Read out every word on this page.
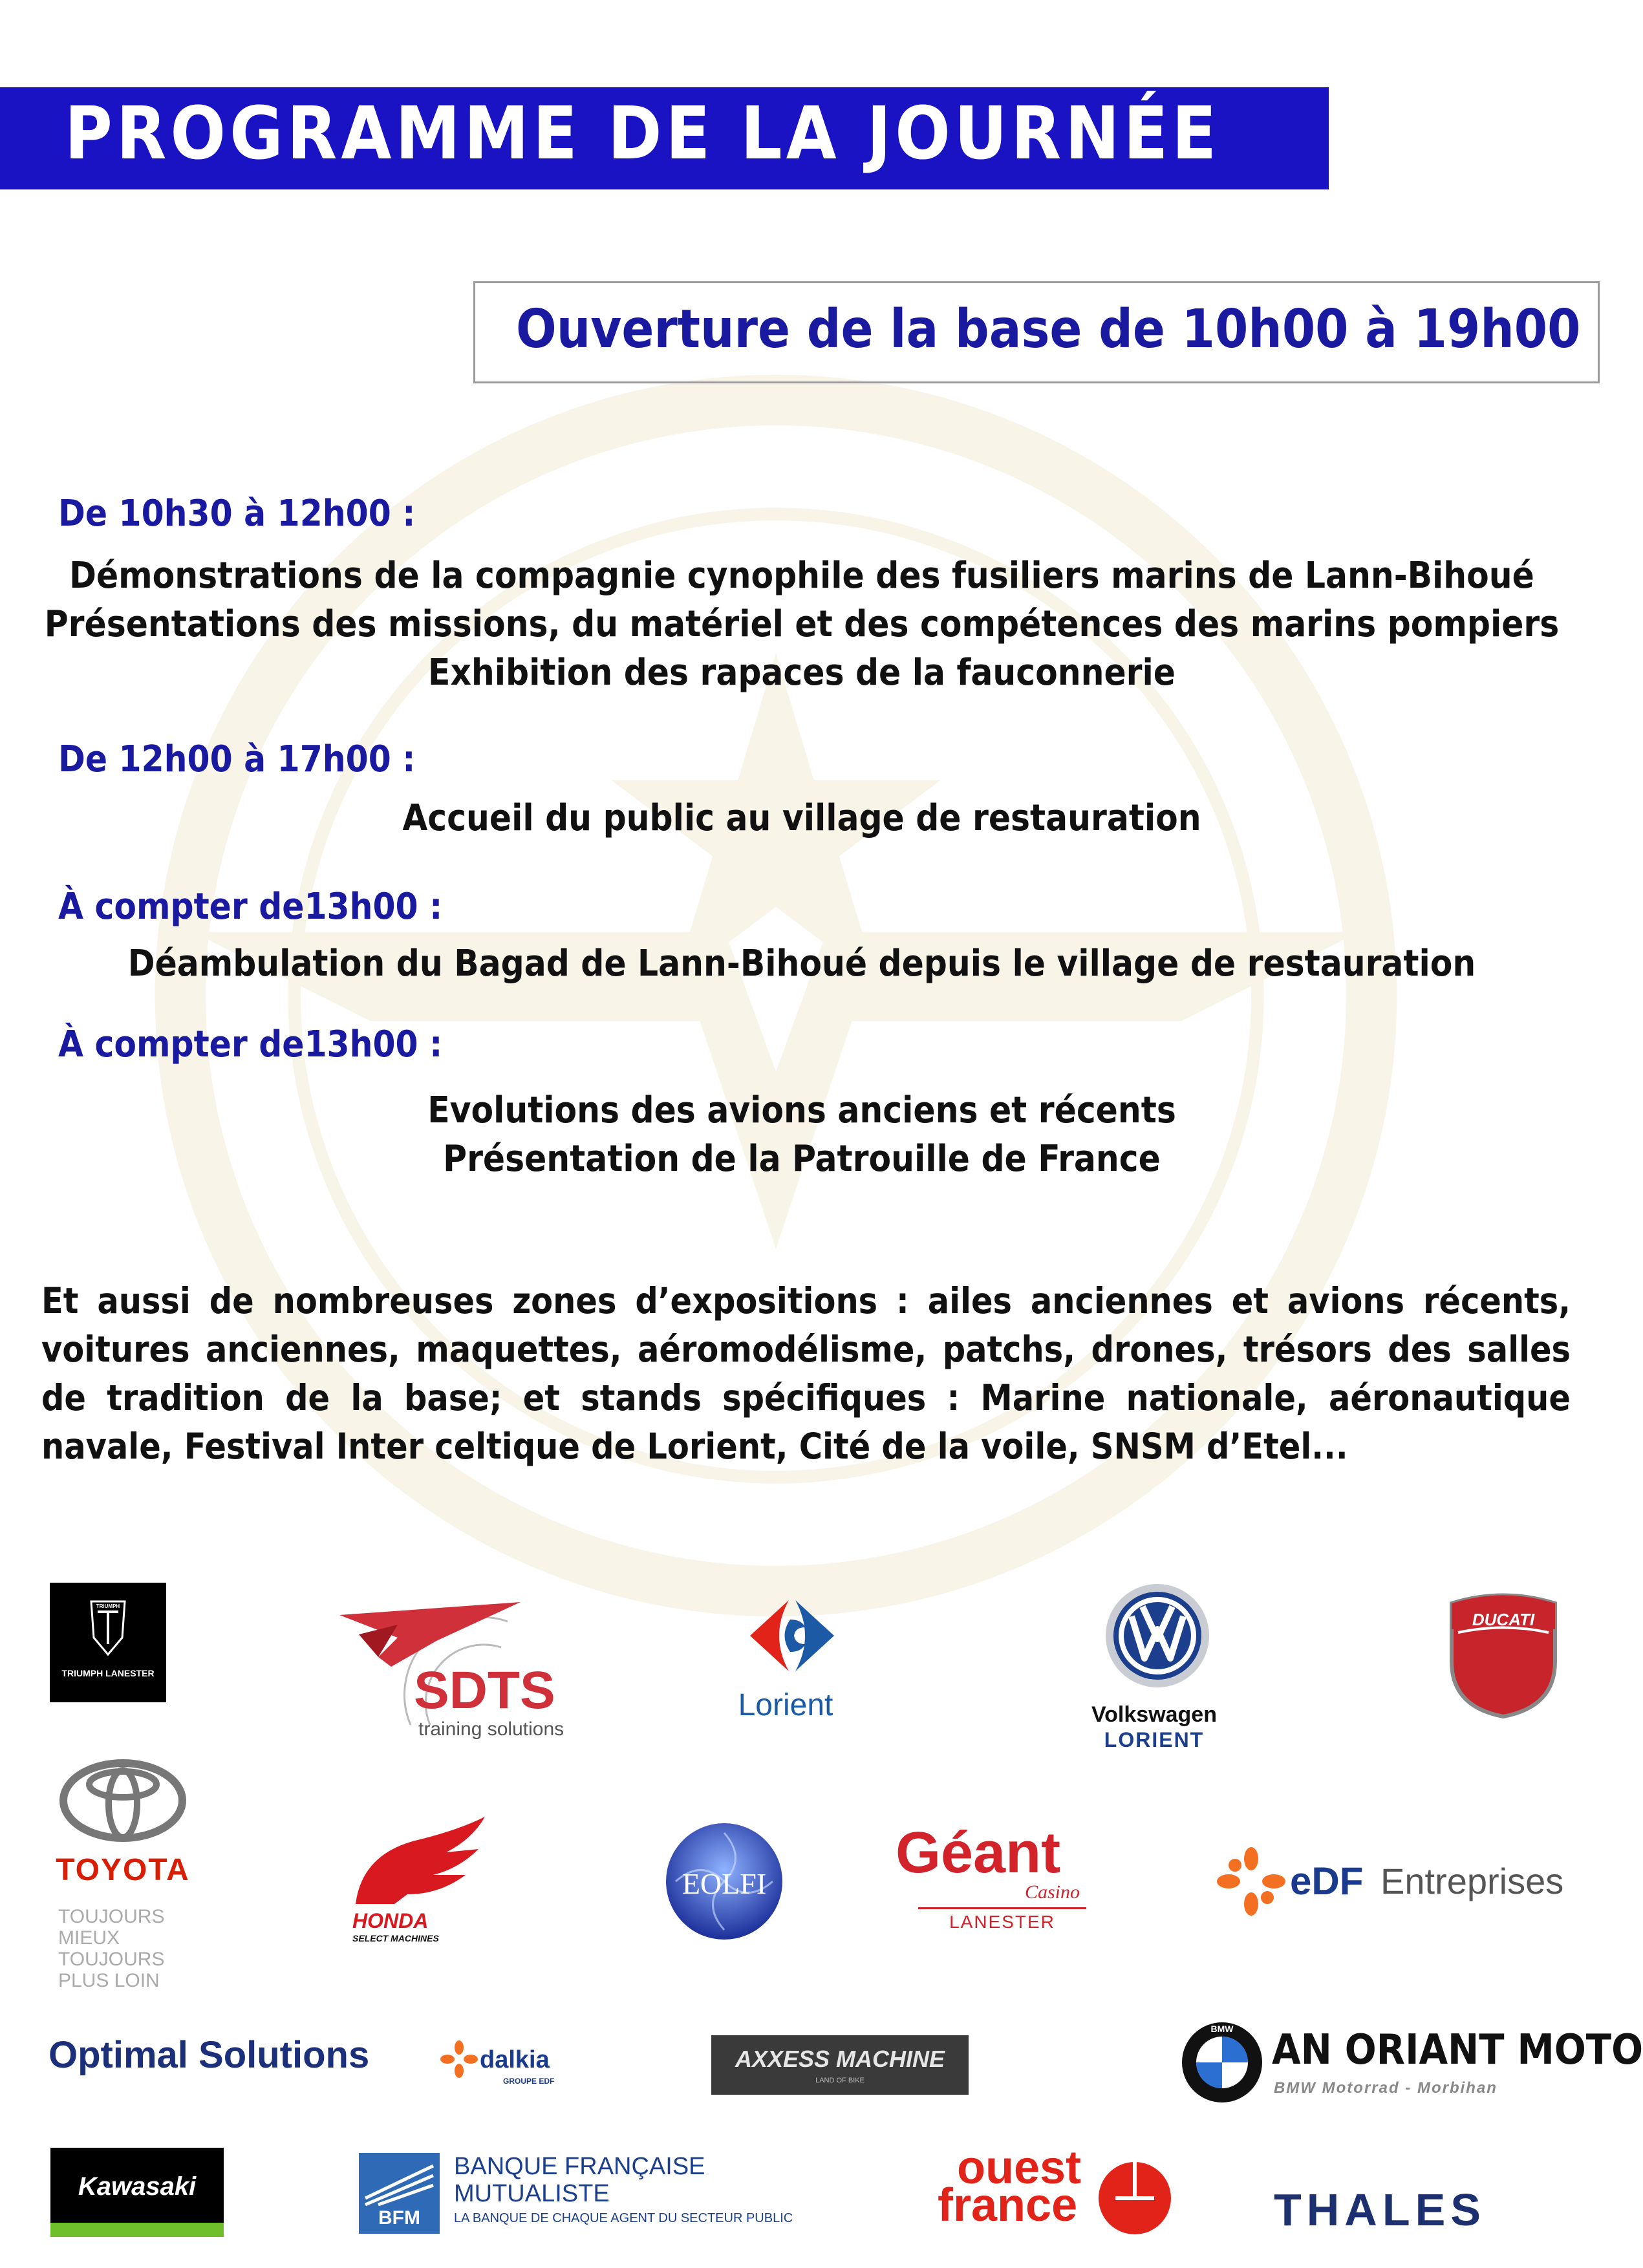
PROGRAMME DE LA JOURNÉE
Ouverture de la base de 10h00 à 19h00
De 10h30 à 12h00 :
Démonstrations de la compagnie cynophile des fusiliers marins de Lann-Bihoué
Présentations des missions, du matériel et des compétences des marins pompiers
Exhibition des rapaces de la fauconnerie
De 12h00 à 17h00 :
Accueil du public au village de restauration
À compter de13h00 :
Déambulation du Bagad de Lann-Bihoué depuis le village de restauration
À compter de13h00 :
Evolutions des avions anciens et récents
Présentation de la Patrouille de France
Et aussi de nombreuses zones d’expositions : ailes anciennes et avions récents, voitures anciennes, maquettes, aéromodélisme, patchs, drones, trésors des salles de tradition de la base; et stands spécifiques : Marine nationale, aéronautique navale, Festival Inter celtique de Lorient, Cité de la voile, SNSM d’Etel...
TRIUMPH
TRIUMPH LANESTER	SDTS
training solutions
Lorient	Volkswagen
LORIENT
DUCATI
TOYOTA
TOUJOURS
MIEUX
TOUJOURS
PLUS LOIN
HONDA
SELECT MACHINES
EOLFI	Géant
Casino
LANESTER
eDF Entreprises
Optimal Solutions	dalkia
GROUPE EDF
AXXESS MACHINE
LAND OF BIKE
BMW AN ORIANT MOTO
BMW Motorrad - Morbihan
Kawasaki
BFM
BANQUE FRANÇAISE
MUTUALISTE
LA BANQUE DE CHAQUE AGENT DU SECTEUR PUBLIC
ouest
france	THALES
